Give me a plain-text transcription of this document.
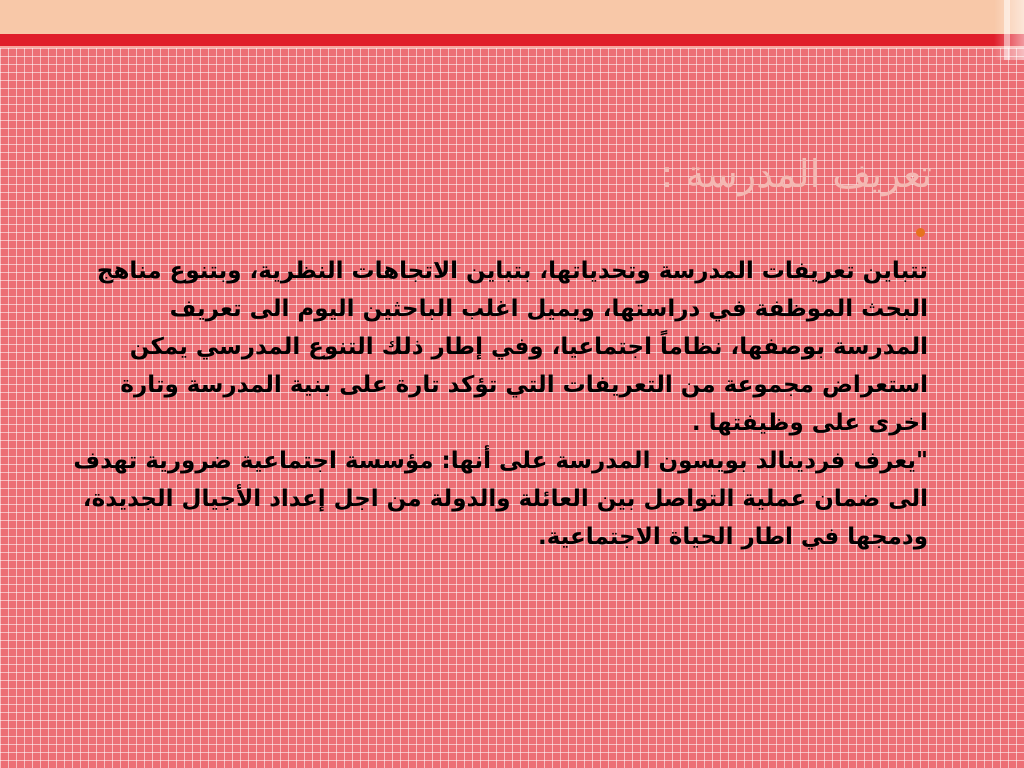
تعريف المدرسة :

تتباين تعريفات المدرسة وتحدياتها، بتباين الاتجاهات النظرية، وبتنوع مناهج البحث الموظفة في دراستها، ويميل اغلب الباحثين اليوم الى تعريف المدرسة بوصفها، نظاماً اجتماعيا، وفي إطار ذلك التنوع المدرسي يمكن استعراض مجموعة من التعريفات التي تؤكد تارة على بنية المدرسة وتارة اخرى على وظيفتها .

"يعرف فردينالد بويسون المدرسة على أنها: مؤسسة اجتماعية ضرورية تهدف الى ضمان عملية التواصل بين العائلة والدولة من اجل إعداد الأجيال الجديدة، ودمجها في اطار الحياة الاجتماعية.
